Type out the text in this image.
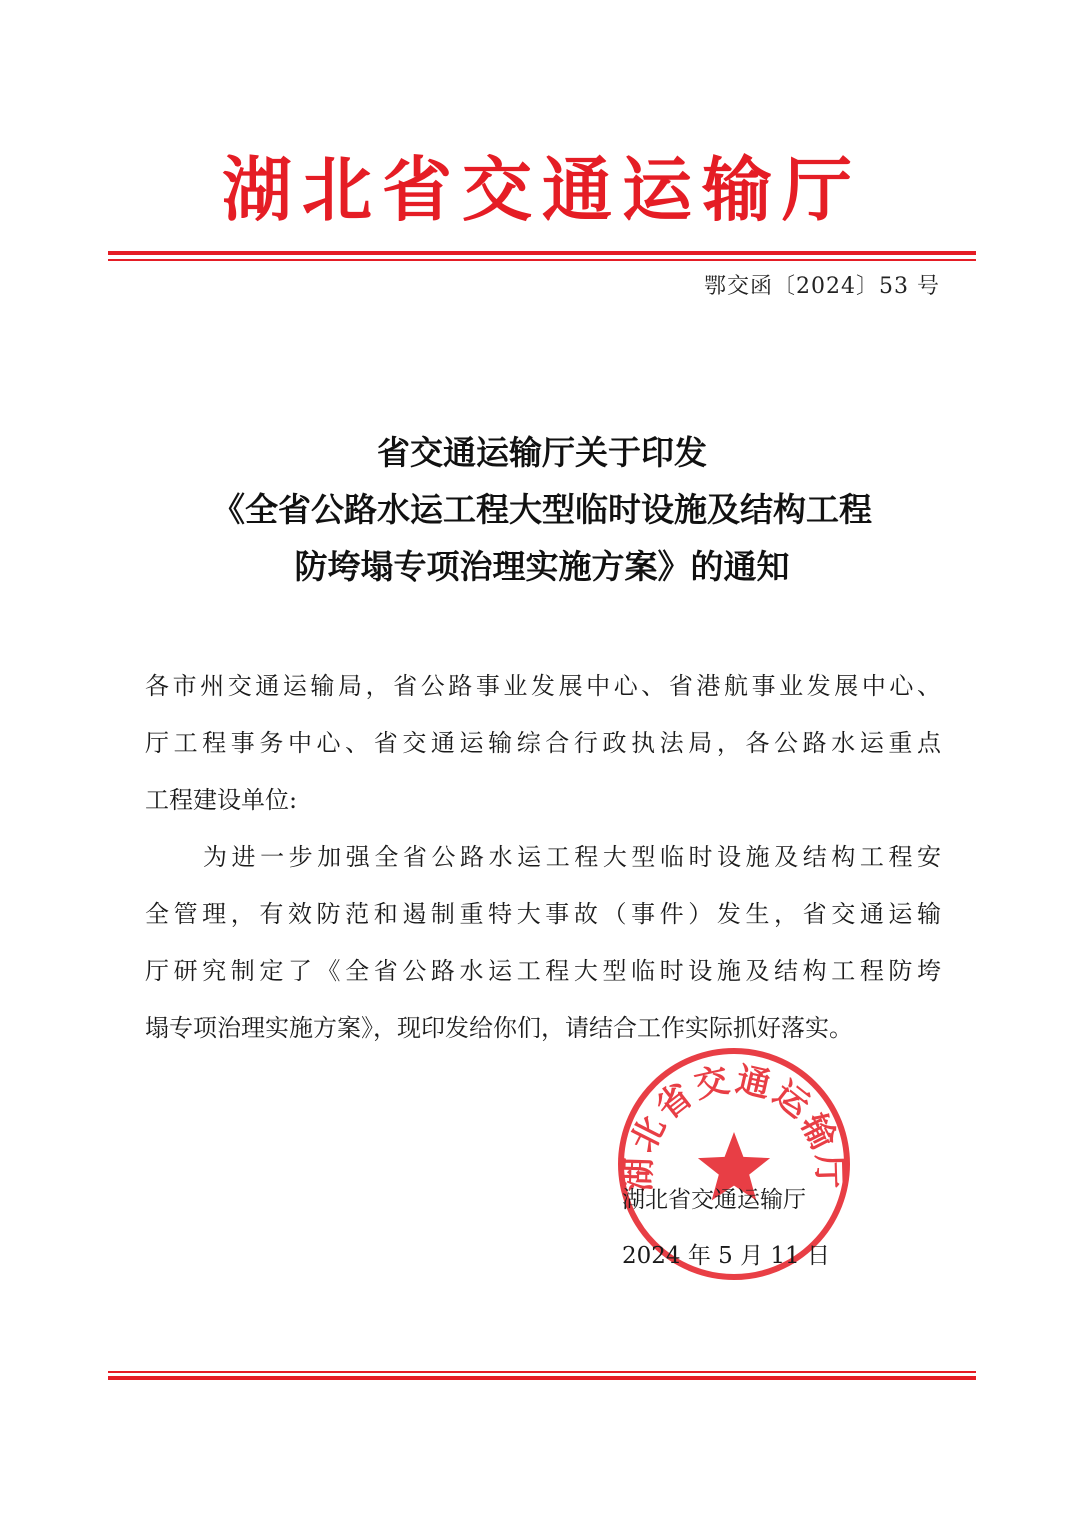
湖北省交通运输厅
鄂交函〔2024〕53 号
省交通运输厅关于印发
《全省公路水运工程大型临时设施及结构工程
防垮塌专项治理实施方案》的通知
各市州交通运输局，省公路事业发展中心、省港航事业发展中心、
厅工程事务中心、省交通运输综合行政执法局，各公路水运重点
工程建设单位:
为进一步加强全省公路水运工程大型临时设施及结构工程安
全管理，有效防范和遏制重特大事故（事件）发生，省交通运输
厅研究制定了《全省公路水运工程大型临时设施及结构工程防垮
塌专项治理实施方案》，现印发给你们，请结合工作实际抓好落实。
湖北省交通运输厅
湖北省交通运输厅
2024 年 5 月 11 日
